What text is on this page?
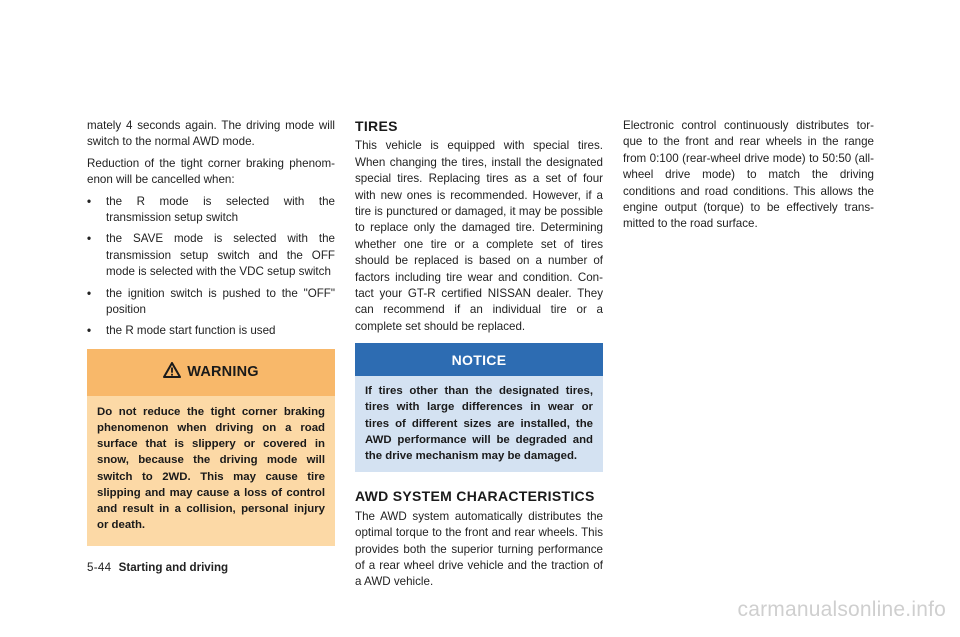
mately 4 seconds again. The driving mode will switch to the normal AWD mode.

Reduction of the tight corner braking phenom-enon will be cancelled when:

• the R mode is selected with the transmission setup switch
• the SAVE mode is selected with the transmission setup switch and the OFF mode is selected with the VDC setup switch
• the ignition switch is pushed to the "OFF" position
• the R mode start function is used
WARNING
Do not reduce the tight corner braking phenomenon when driving on a road surface that is slippery or covered in snow, because the driving mode will switch to 2WD. This may cause tire slipping and may cause a loss of control and result in a collision, personal injury or death.
TIRES

This vehicle is equipped with special tires. When changing the tires, install the designated special tires. Replacing tires as a set of four with new ones is recommended. However, if a tire is punctured or damaged, it may be possible to replace only the damaged tire. Determining whether one tire or a complete set of tires should be replaced is based on a number of factors including tire wear and condition. Con-tact your GT-R certified NISSAN dealer. They can recommend if an individual tire or a complete set should be replaced.

NOTICE
If tires other than the designated tires, tires with large differences in wear or tires of different sizes are installed, the AWD performance will be degraded and the drive mechanism may be damaged.
AWD SYSTEM CHARACTERISTICS

The AWD system automatically distributes the optimal torque to the front and rear wheels. This provides both the superior turning performance of a rear wheel drive vehicle and the traction of a AWD vehicle.

Electronic control continuously distributes tor-que to the front and rear wheels in the range from 0:100 (rear-wheel drive mode) to 50:50 (all-wheel drive mode) to match the driving conditions and road conditions. This allows the engine output (torque) to be effectively trans-mitted to the road surface.

5-44 Starting and driving
carmanualsonline.info
